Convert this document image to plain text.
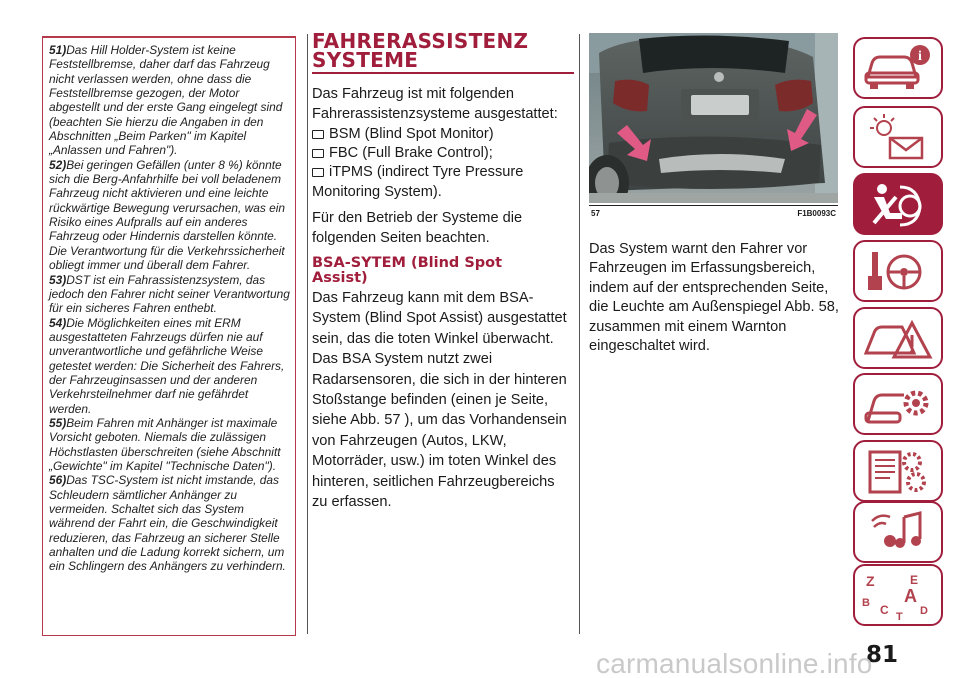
51)Das Hill Holder-System ist keine Feststellbremse, daher darf das Fahrzeug nicht verlassen werden, ohne dass die Feststellbremse gezogen, der Motor abgestellt und der erste Gang eingelegt sind (beachten Sie hierzu die Angaben in den Abschnitten „Beim Parken" im Kapitel „Anlassen und Fahren").

52)Bei geringen Gefällen (unter 8 %) könnte sich die Berg-Anfahrhilfe bei voll beladenem Fahrzeug nicht aktivieren und eine leichte rückwärtige Bewegung verursachen, was ein Risiko eines Aufpralls auf ein anderes Fahrzeug oder Hindernis darstellen könnte. Die Verantwortung für die Verkehrssicherheit obliegt immer und überall dem Fahrer.

53)DST ist ein Fahrassistenzsystem, das jedoch den Fahrer nicht seiner Verantwortung für ein sicheres Fahren enthebt.

54)Die Möglichkeiten eines mit ERM ausgestatteten Fahrzeugs dürfen nie auf unverantwortliche und gefährliche Weise getestet werden: Die Sicherheit des Fahrers, der Fahrzeuginsassen und der anderen Verkehrsteilnehmer darf nie gefährdet werden.

55)Beim Fahren mit Anhänger ist maximale Vorsicht geboten. Niemals die zulässigen Höchstlasten überschreiten (siehe Abschnitt „Gewichte" im Kapitel "Technische Daten").

56)Das TSC-System ist nicht imstande, das Schleudern sämtlicher Anhänger zu vermeiden. Schaltet sich das System während der Fahrt ein, die Geschwindigkeit reduzieren, das Fahrzeug an sicherer Stelle anhalten und die Ladung korrekt sichern, um ein Schlingern des Anhängers zu verhindern.

FAHRERASSISTENZ
SYSTEME

Das Fahrzeug ist mit folgenden Fahrerassistenzsysteme ausgestattet:

BSM (Blind Spot Monitor)
FBC (Full Brake Control);
iTPMS (indirect Tyre Pressure

Monitoring System).

Für den Betrieb der Systeme die folgenden Seiten beachten.

BSA-SYTEM (Blind Spot
Assist)

Das Fahrzeug kann mit dem BSA-System (Blind Spot Assist) ausgestattet sein, das die toten Winkel überwacht. Das BSA System nutzt zwei Radarsensoren, die sich in der hinteren Stoßstange befinden (einen je Seite, siehe Abb. 57 ), um das Vorhandensein von Fahrzeugen (Autos, LKW, Motorräder, usw.) im toten Winkel des hinteren, seitlichen Fahrzeugbereichs zu erfassen.

57	F1B0093C

Das System warnt den Fahrer vor Fahrzeugen im Erfassungsbereich, indem auf der entsprechenden Seite, die Leuchte am Außenspiegel Abb. 58, zusammen mit einem Warnton eingeschaltet wird.

i
Z	E
B A
D
C T
81
carmanualsonline.info
